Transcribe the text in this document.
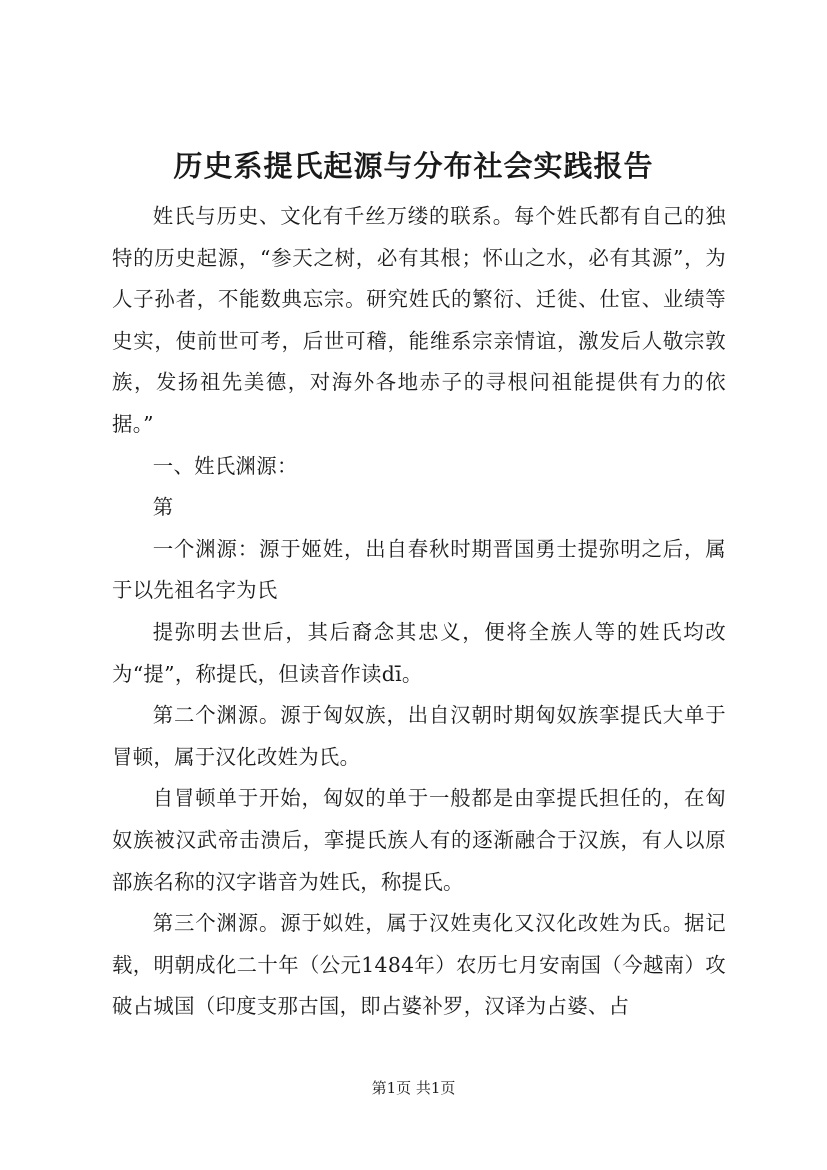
历史系提氏起源与分布社会实践报告

姓氏与历史、文化有千丝万缕的联系。每个姓氏都有自己的独特的历史起源，“参天之树，必有其根；怀山之水，必有其源”，为人子孙者，不能数典忘宗。研究姓氏的繁衍、迁徙、仕宦、业绩等史实，使前世可考，后世可稽，能维系宗亲情谊，激发后人敬宗敦族，发扬祖先美德，对海外各地赤子的寻根问祖能提供有力的依据。”

一、姓氏渊源：

第

一个渊源：源于姬姓，出自春秋时期晋国勇士提弥明之后，属于以先祖名字为氏

提弥明去世后，其后裔念其忠义，便将全族人等的姓氏均改为“提”，称提氏，但读音作读dī。

第二个渊源。源于匈奴族，出自汉朝时期匈奴族挛提氏大单于冒顿，属于汉化改姓为氏。

自冒顿单于开始，匈奴的单于一般都是由挛提氏担任的，在匈奴族被汉武帝击溃后，挛提氏族人有的逐渐融合于汉族，有人以原部族名称的汉字谐音为姓氏，称提氏。

第三个渊源。源于姒姓，属于汉姓夷化又汉化改姓为氏。据记载，明朝成化二十年（公元1484年）农历七月安南国（今越南）攻破占城国（印度支那古国，即占婆补罗，汉译为占婆、占

第1页 共1页
